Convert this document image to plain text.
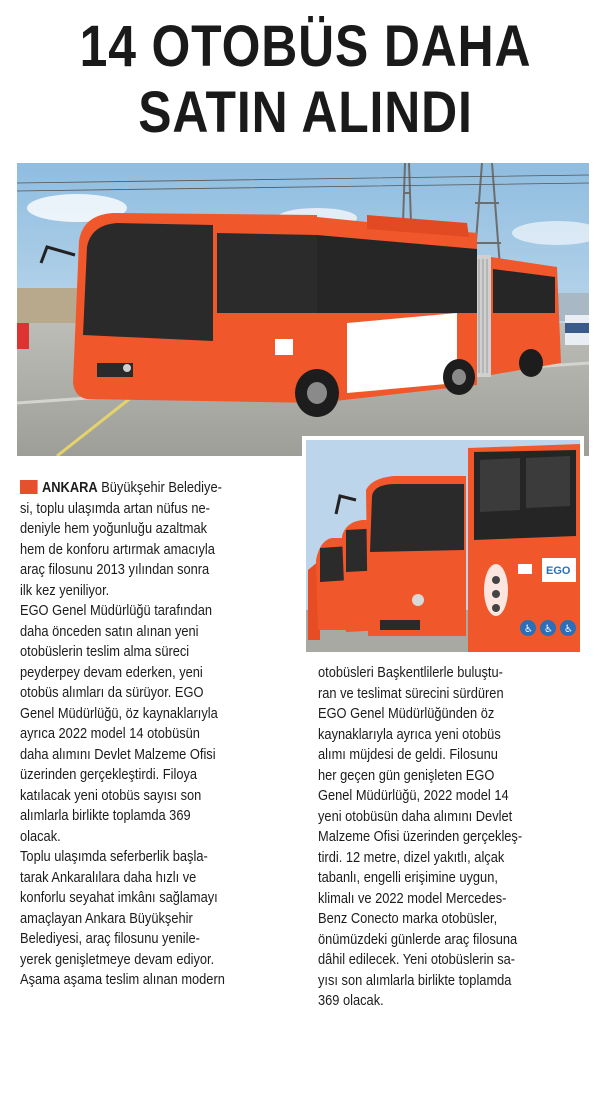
14 OTOBÜS DAHA
SATIN ALINDI
EGO
♿ ♿ ♿

ANKARA Büyükşehir Belediye-

si, toplu ulaşımda artan nüfus ne-

deniyle hem yoğunluğu azaltmak

hem de konforu artırmak amacıyla

araç filosunu 2013 yılından sonra

ilk kez yeniliyor.

EGO Genel Müdürlüğü tarafından

daha önceden satın alınan yeni

otobüslerin teslim alma süreci

peyderpey devam ederken, yeni

otobüs alımları da sürüyor. EGO

Genel Müdürlüğü, öz kaynaklarıyla

ayrıca 2022 model 14 otobüsün

daha alımını Devlet Malzeme Ofisi

üzerinden gerçekleştirdi. Filoya

katılacak yeni otobüs sayısı son

alımlarla birlikte toplamda 369

olacak.

Toplu ulaşımda seferberlik başla-

tarak Ankaralılara daha hızlı ve

konforlu seyahat imkânı sağlamayı

amaçlayan Ankara Büyükşehir

Belediyesi, araç filosunu yenile-

yerek genişletmeye devam ediyor.

Aşama aşama teslim alınan modern

otobüsleri Başkentlilerle buluştu-

ran ve teslimat sürecini sürdüren

EGO Genel Müdürlüğünden öz

kaynaklarıyla ayrıca yeni otobüs

alımı müjdesi de geldi. Filosunu

her geçen gün genişleten EGO

Genel Müdürlüğü, 2022 model 14

yeni otobüsün daha alımını Devlet

Malzeme Ofisi üzerinden gerçekleş-

tirdi. 12 metre, dizel yakıtlı, alçak

tabanlı, engelli erişimine uygun,

klimalı ve 2022 model Mercedes-

Benz Conecto marka otobüsler,

önümüzdeki günlerde araç filosuna

dâhil edilecek. Yeni otobüslerin sa-

yısı son alımlarla birlikte toplamda

369 olacak.
